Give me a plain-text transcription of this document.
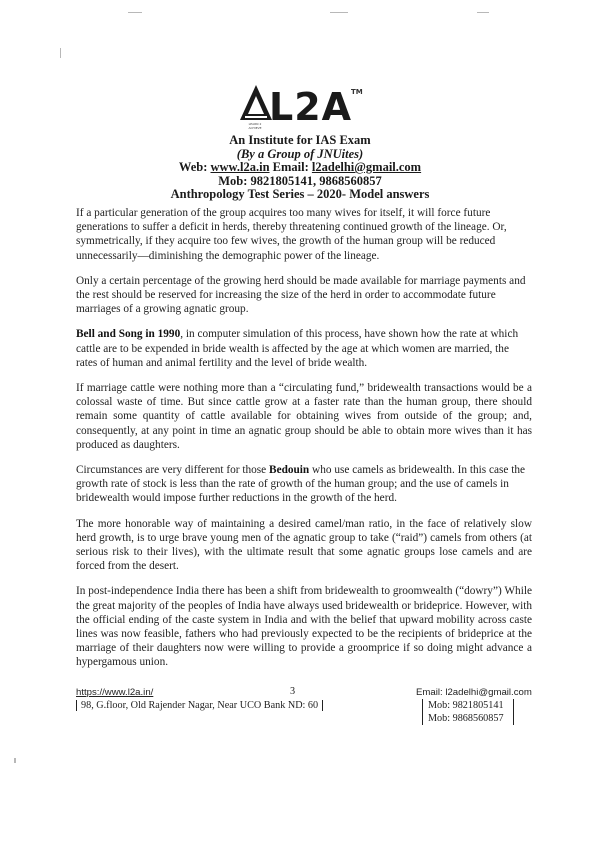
L2A
TM
LEARN 2 ACHIEVE
An Institute for IAS Exam
(By a Group of JNUites)
Web: www.l2a.in Email: l2adelhi@gmail.com
Mob: 9821805141, 9868560857
Anthropology Test Series – 2020- Model answers

If a particular generation of the group acquires too many wives for itself, it will force future generations to suffer a deficit in herds, thereby threatening continued growth of the lineage. Or, symmetrically, if they acquire too few wives, the growth of the human group will be reduced unnecessarily—diminishing the demographic power of the lineage.

Only a certain percentage of the growing herd should be made available for marriage payments and the rest should be reserved for increasing the size of the herd in order to accommodate future marriages of a growing agnatic group.

Bell and Song in 1990, in computer simulation of this process, have shown how the rate at which cattle are to be expended in bride wealth is affected by the age at which women are married, the rates of human and animal fertility and the level of bride wealth.

If marriage cattle were nothing more than a “circulating fund,” bridewealth transactions would be a colossal waste of time. But since cattle grow at a faster rate than the human group, there should remain some quantity of cattle available for obtaining wives from outside of the group; and, consequently, at any point in time an agnatic group should be able to obtain more wives than it has produced as daughters.

Circumstances are very different for those Bedouin who use camels as bridewealth. In this case the growth rate of stock is less than the rate of growth of the human group; and the use of camels in bridewealth would impose further reductions in the growth of the herd.

The more honorable way of maintaining a desired camel/man ratio, in the face of relatively slow herd growth, is to urge brave young men of the agnatic group to take (“raid”) camels from others (at serious risk to their lives), with the ultimate result that some agnatic groups lose camels and are forced from the desert.

In post-independence India there has been a shift from bridewealth to groomwealth (“dowry”) While the great majority of the peoples of India have always used bridewealth or brideprice. However, with the official ending of the caste system in India and with the belief that upward mobility across caste lines was now feasible, fathers who had previously expected to be the recipients of brideprice at the marriage of their daughters now were willing to provide a groomprice if so doing might advance a hypergamous union.

https://www.l2a.in/
98, G.floor, Old Rajender Nagar, Near UCO Bank ND: 60
3	Email: l2adelhi@gmail.com
Mob: 9821805141
Mob: 9868560857
